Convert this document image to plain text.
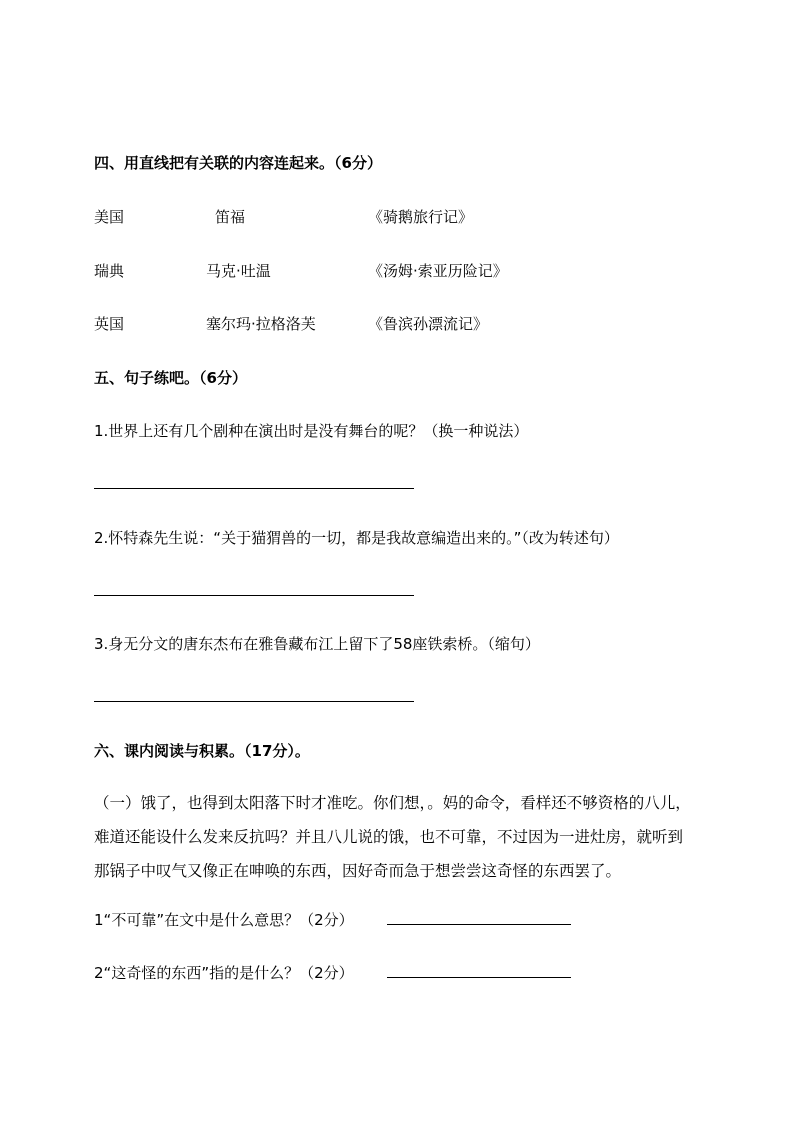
四、用直线把有关联的内容连起来。（6分）
美国	笛福	《骑鹅旅行记》
瑞典	马克·吐温	《汤姆·索亚历险记》
英国	塞尔玛·拉格洛芙	《鲁滨孙漂流记》
五、句子练吧。（6分）
1.世界上还有几个剧种在演出时是没有舞台的呢？（换一种说法）
2.怀特森先生说：“关于猫猬兽的一切，都是我故意编造出来的。”（改为转述句）
3.身无分文的唐东杰布在雅鲁藏布江上留下了58座铁索桥。（缩句）
六、课内阅读与积累。（17分）。
（一）饿了，也得到太阳落下时才准吃。你们想，。妈的命令，看样还不够资格的八儿，
难道还能设什么发来反抗吗？并且八儿说的饿，也不可靠，不过因为一进灶房，就听到
那锅子中叹气又像正在呻唤的东西，因好奇而急于想尝尝这奇怪的东西罢了。
1“不可靠”在文中是什么意思？（2分）
2“这奇怪的东西”指的是什么？（2分）
